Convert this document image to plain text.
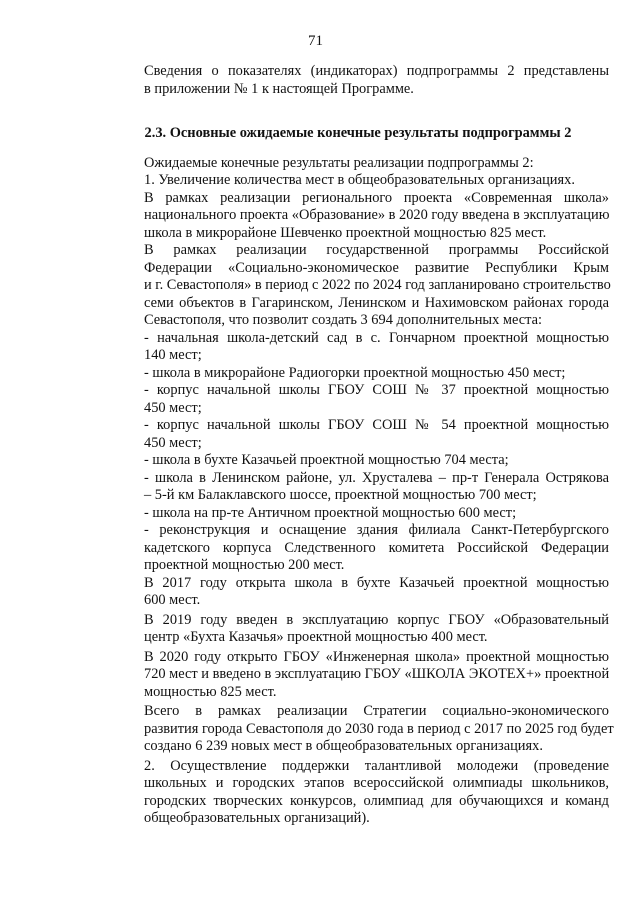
71

Сведения о показателях (индикаторах) подпрограммы 2 представлены
в приложении № 1 к настоящей Программе.

2.3. Основные ожидаемые конечные результаты подпрограммы 2

Ожидаемые конечные результаты реализации подпрограммы 2:

1. Увеличение количества мест в общеобразовательных организациях.

В рамках реализации регионального проекта «Современная школа»
национального проекта «Образование» в 2020 году введена в эксплуатацию
школа в микрорайоне Шевченко проектной мощностью 825 мест.

В рамках реализации государственной программы Российской
Федерации «Социально-экономическое развитие Республики Крым
и г. Севастополя» в период с 2022 по 2024 год запланировано строительство
семи объектов в Гагаринском, Ленинском и Нахимовском районах города
Севастополя, что позволит создать 3 694 дополнительных места:

- начальная школа-детский сад в с. Гончарном проектной мощностью
140 мест;

- школа в микрорайоне Радиогорки проектной мощностью 450 мест;

- корпус начальной школы ГБОУ СОШ № 37 проектной мощностью
450 мест;

- корпус начальной школы ГБОУ СОШ № 54 проектной мощностью
450 мест;

- школа в бухте Казачьей проектной мощностью 704 места;

- школа в Ленинском районе, ул. Хрусталева – пр-т Генерала Острякова
– 5-й км Балаклавского шоссе, проектной мощностью 700 мест;

- школа на пр-те Античном проектной мощностью 600 мест;

- реконструкция и оснащение здания филиала Санкт-Петербургского
кадетского корпуса Следственного комитета Российской Федерации
проектной мощностью 200 мест.

В 2017 году открыта школа в бухте Казачьей проектной мощностью
600 мест.

В 2019 году введен в эксплуатацию корпус ГБОУ «Образовательный
центр «Бухта Казачья» проектной мощностью 400 мест.

В 2020 году открыто ГБОУ «Инженерная школа» проектной мощностью
720 мест и введено в эксплуатацию ГБОУ «ШКОЛА ЭКОТЕХ+» проектной
мощностью 825 мест.

Всего в рамках реализации Стратегии социально-экономического
развития города Севастополя до 2030 года в период с 2017 по 2025 год будет
создано 6 239 новых мест в общеобразовательных организациях.

2. Осуществление поддержки талантливой молодежи (проведение
школьных и городских этапов всероссийской олимпиады школьников,
городских творческих конкурсов, олимпиад для обучающихся и команд
общеобразовательных организаций).
